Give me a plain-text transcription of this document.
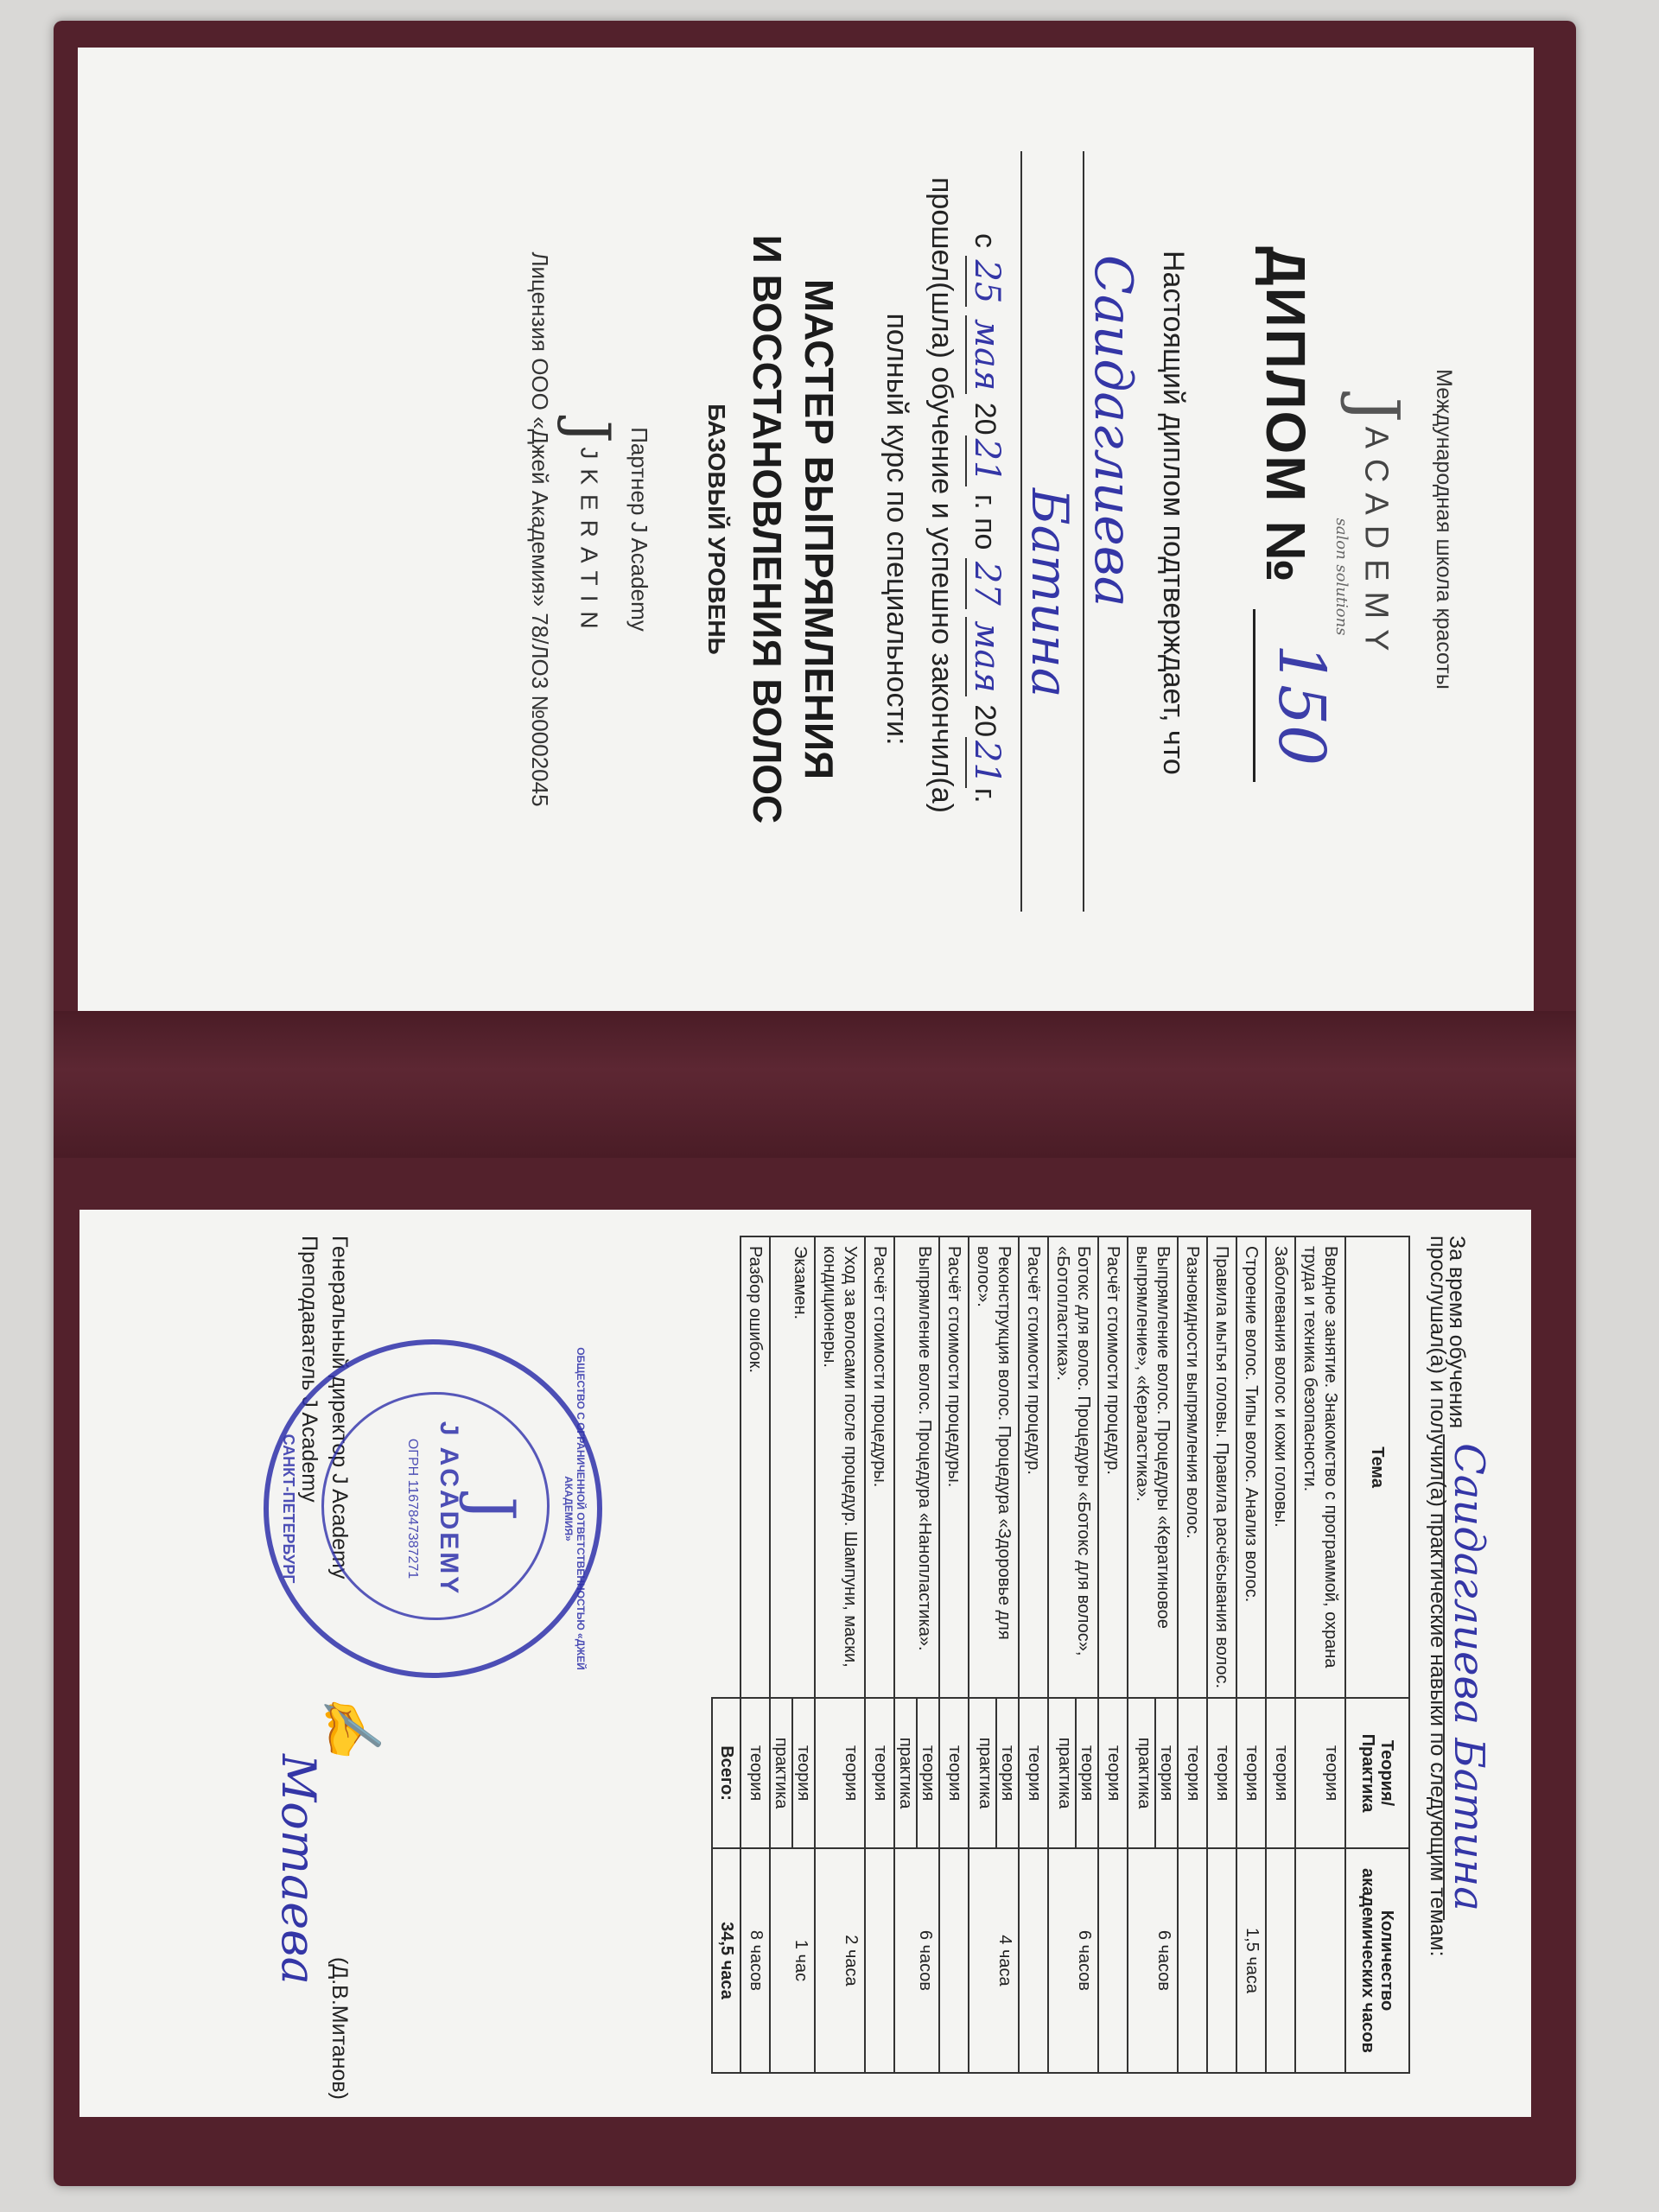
Международная школа красоты
J ACADEMY
salon solutions
ДИПЛОМ №
150
Настоящий диплом подтверждает, что
Саидаглиева
Батина
с 25 мая 2021 г. по 27 мая 2021г.
прошел(шла) обучение и успешно закончил(а)
полный курс по специальности:
МАСТЕР ВЫПРЯМЛЕНИЯ
И ВОССТАНОВЛЕНИЯ ВОЛОС
БАЗОВЫЙ УРОВЕНЬ
Партнер J Academy
J JKERATIN
Лицензия ООО «Джей Академия» 78/ЛО3 №0002045
За время обучения Саидаглиева Батина
прослушал(а) и получил(а) практические навыки по следующим темам:
Тема	Теория/ Практика	Количество академических часов
Вводное занятие. Знакомство с программой, охрана труда и техника безопасности.	теория	
Заболевания волос и кожи головы.	теория	
Строение волос. Типы волос. Анализ волос.	теория	1,5 часа
Правила мытья головы. Правила расчёсывания волос.	теория	
Разновидности выпрямления волос.	теория	
Выпрямление волос. Процедуры «Кератиновое выпрямление», «Кераластика».	теория
практика	6 часов
Расчёт стоимости процедур.	теория	
Ботокс для волос. Процедуры «Ботокс для волос», «Ботопластика».	теория
практика	6 часов
Расчёт стоимости процедур.	теория	
Реконструкция волос. Процедура «Здоровье для волос».	теория
практика	4 часа
Расчёт стоимости процедуры.	теория	
Выпрямление волос. Процедура «Нанопластика».	теория
практика	6 часов
Расчёт стоимости процедуры.	теория	
Уход за волосами после процедур. Шампуни, маски, кондиционеры.	теория	2 часа
Экзамен.	теория
практика	1 час
Разбор ошибок.	теория	8 часов
	Всего:	34,5 часа
Генеральный директор J Academy
(Д.В.Митанов)
Преподаватель J Academy	ОБЩЕСТВО С ОГРАНИЧЕННОЙ ОТВЕТСТВЕННОСТЬЮ «ДЖЕЙ АКАДЕМИЯ»
J
J ACADEMY
ОГРН 1167847387271
САНКТ-ПЕТЕРБУРГ
✍
Мотаева
